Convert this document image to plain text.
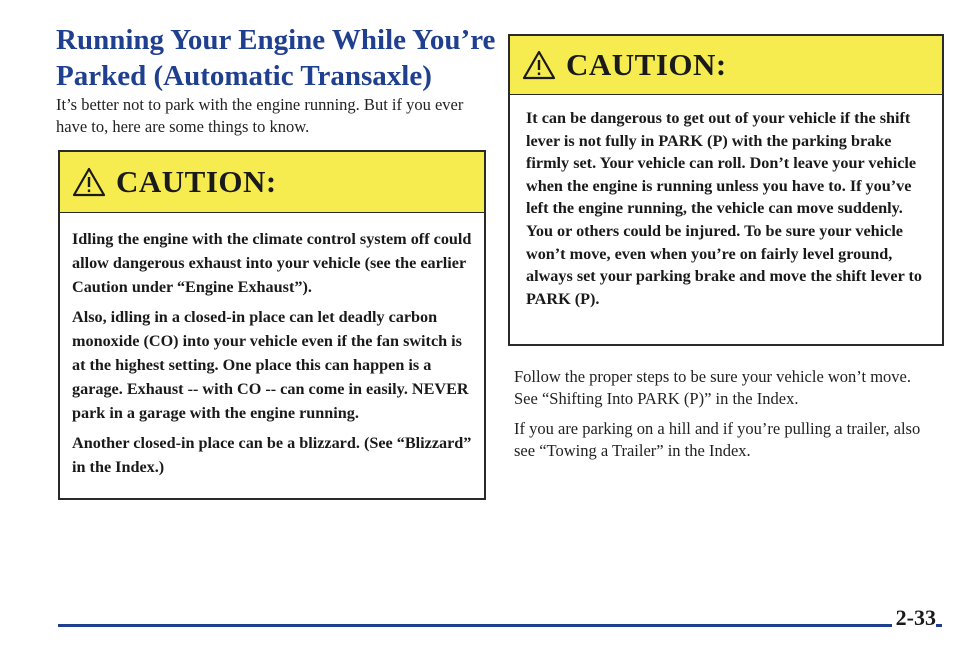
Running Your Engine While You’re Parked (Automatic Transaxle)
It’s better not to park with the engine running. But if you ever have to, here are some things to know.
CAUTION:

Idling the engine with the climate control system off could allow dangerous exhaust into your vehicle (see the earlier Caution under “Engine Exhaust”).

Also, idling in a closed-in place can let deadly carbon monoxide (CO) into your vehicle even if the fan switch is at the highest setting. One place this can happen is a garage. Exhaust -- with CO -- can come in easily. NEVER park in a garage with the engine running.

Another closed-in place can be a blizzard. (See “Blizzard” in the Index.)

CAUTION:

It can be dangerous to get out of your vehicle if the shift lever is not fully in PARK (P) with the parking brake firmly set. Your vehicle can roll. Don’t leave your vehicle when the engine is running unless you have to. If you’ve left the engine running, the vehicle can move suddenly. You or others could be injured. To be sure your vehicle won’t move, even when you’re on fairly level ground, always set your parking brake and move the shift lever to PARK (P).

Follow the proper steps to be sure your vehicle won’t move. See “Shifting Into PARK (P)” in the Index.

If you are parking on a hill and if you’re pulling a trailer, also see “Towing a Trailer” in the Index.

2-33
